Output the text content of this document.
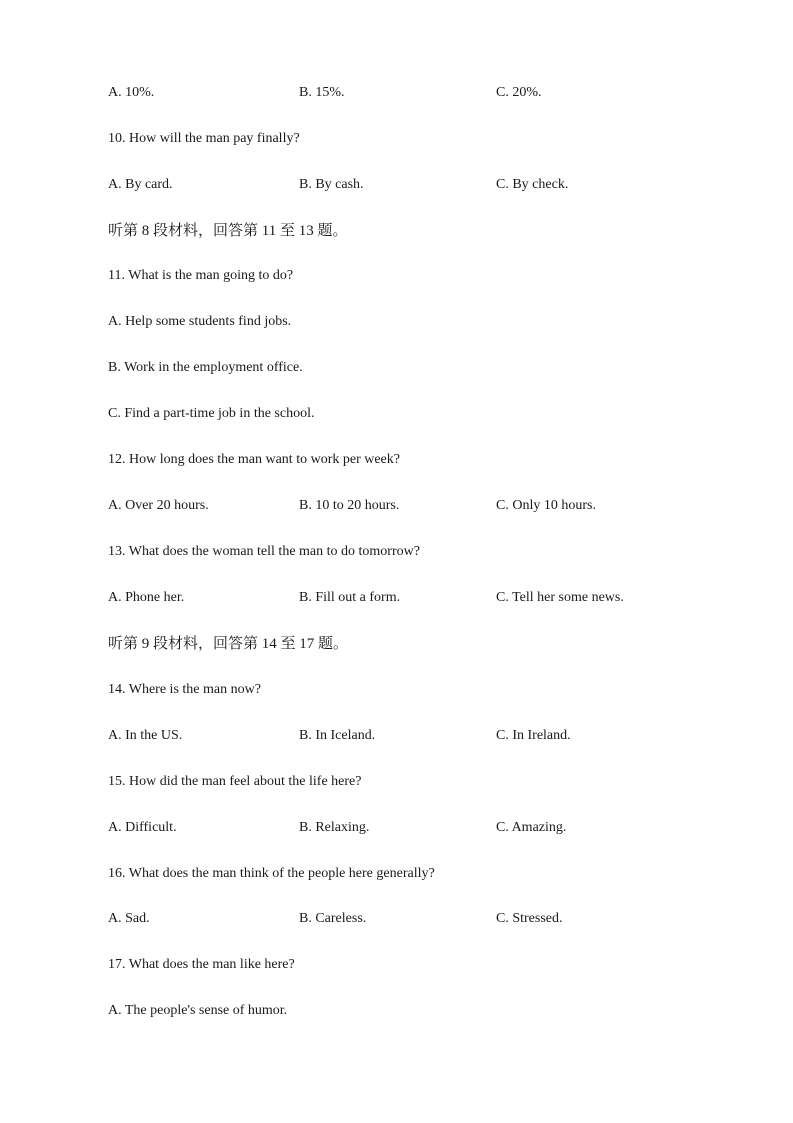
A. 10%.	B. 15%.	C. 20%.
10. How will the man pay finally?
A. By card.	B. By cash.	C. By check.
听第 8 段材料，回答第 11 至 13 题。
11. What is the man going to do?
A. Help some students find jobs.
B. Work in the employment office.
C. Find a part-time job in the school.
12. How long does the man want to work per week?
A. Over 20 hours.	B. 10 to 20 hours.	C. Only 10 hours.
13. What does the woman tell the man to do tomorrow?
A. Phone her.	B. Fill out a form.	C. Tell her some news.
听第 9 段材料，回答第 14 至 17 题。
14. Where is the man now?
A. In the US.	B. In Iceland.	C. In Ireland.
15. How did the man feel about the life here?
A. Difficult.	B. Relaxing.	C. Amazing.
16. What does the man think of the people here generally?
A. Sad.	B. Careless.	C. Stressed.
17. What does the man like here?
A. The people's sense of humor.
